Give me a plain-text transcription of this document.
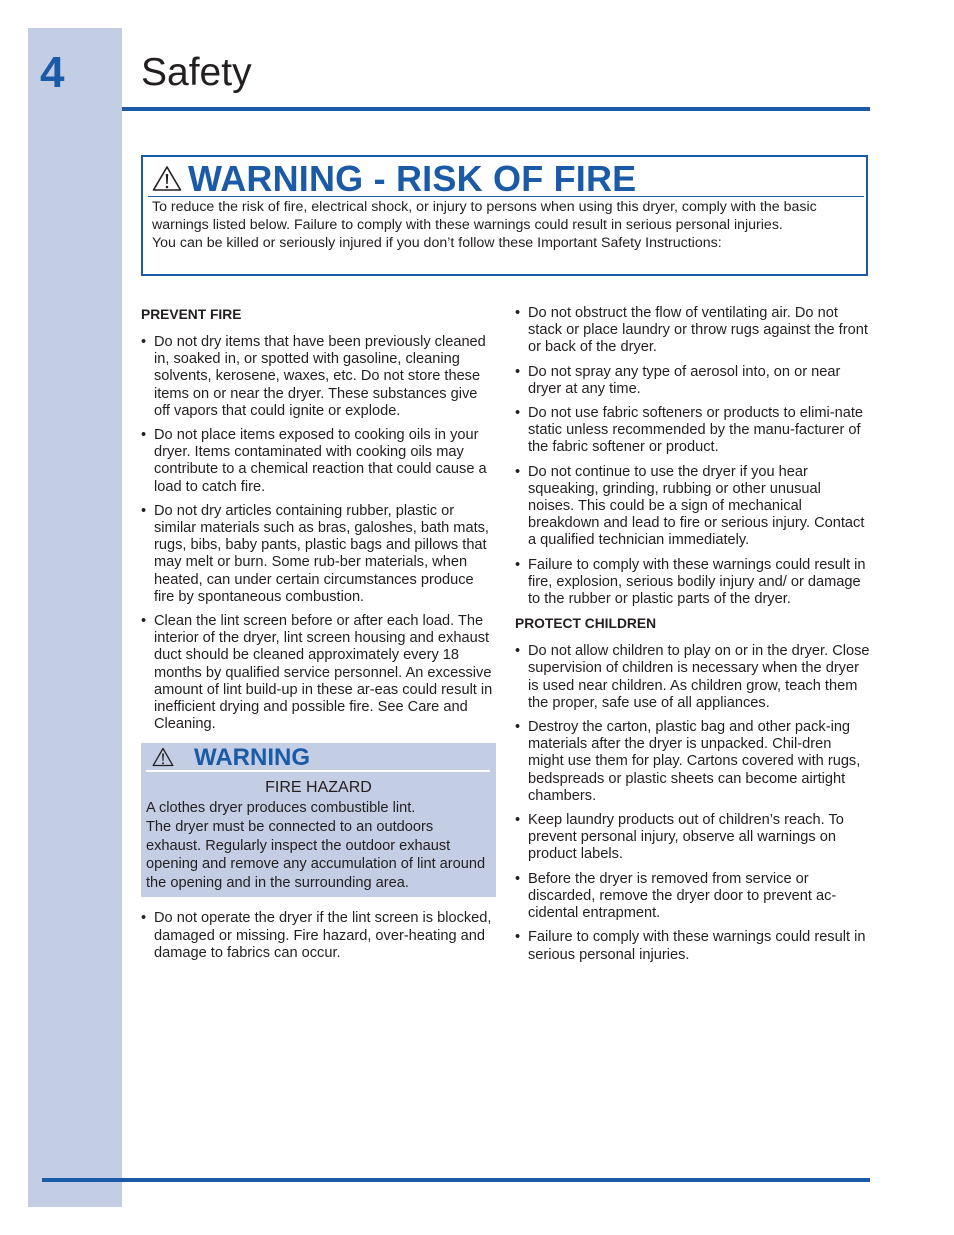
4 Safety
WARNING - RISK OF FIRE

To reduce the risk of fire, electrical shock, or injury to persons when using this dryer, comply with the basic warnings listed below. Failure to comply with these warnings could result in serious personal injuries.

You can be killed or seriously injured if you don’t follow these Important Safety Instructions:

PREVENT FIRE
• Do not dry items that have been previously cleaned in, soaked in, or spotted with gasoline, cleaning solvents, kerosene, waxes, etc. Do not store these items on or near the dryer. These substances give off vapors that could ignite or explode.
• Do not place items exposed to cooking oils in your dryer. Items contaminated with cooking oils may contribute to a chemical reaction that could cause a load to catch fire.
• Do not dry articles containing rubber, plastic or similar materials such as bras, galoshes, bath mats, rugs, bibs, baby pants, plastic bags and pillows that may melt or burn. Some rub-ber materials, when heated, can under certain circumstances produce fire by spontaneous combustion.
• Clean the lint screen before or after each load. The interior of the dryer, lint screen housing and exhaust duct should be cleaned approximately every 18 months by qualified service personnel. An excessive amount of lint build-up in these ar-eas could result in inefficient drying and possible fire. See Care and Cleaning.
WARNING
FIRE HAZARD

A clothes dryer produces combustible lint.

The dryer must be connected to an outdoors exhaust. Regularly inspect the outdoor exhaust opening and remove any accumulation of lint around the opening and in the surrounding area.

• Do not operate the dryer if the lint screen is blocked, damaged or missing. Fire hazard, over-heating and damage to fabrics can occur.
• Do not obstruct the flow of ventilating air. Do not stack or place laundry or throw rugs against the front or back of the dryer.
• Do not spray any type of aerosol into, on or near dryer at any time.
• Do not use fabric softeners or products to elimi-nate static unless recommended by the manu-facturer of the fabric softener or product.
• Do not continue to use the dryer if you hear squeaking, grinding, rubbing or other unusual noises. This could be a sign of mechanical breakdown and lead to fire or serious injury. Contact a qualified technician immediately.
• Failure to comply with these warnings could result in fire, explosion, serious bodily injury and/ or damage to the rubber or plastic parts of the dryer.
PROTECT CHILDREN
• Do not allow children to play on or in the dryer. Close supervision of children is necessary when the dryer is used near children. As children grow, teach them the proper, safe use of all appliances.
• Destroy the carton, plastic bag and other pack-ing materials after the dryer is unpacked. Chil-dren might use them for play. Cartons covered with rugs, bedspreads or plastic sheets can become airtight chambers.
• Keep laundry products out of children’s reach. To prevent personal injury, observe all warnings on product labels.
• Before the dryer is removed from service or discarded, remove the dryer door to prevent ac-cidental entrapment.
• Failure to comply with these warnings could result in serious personal injuries.
